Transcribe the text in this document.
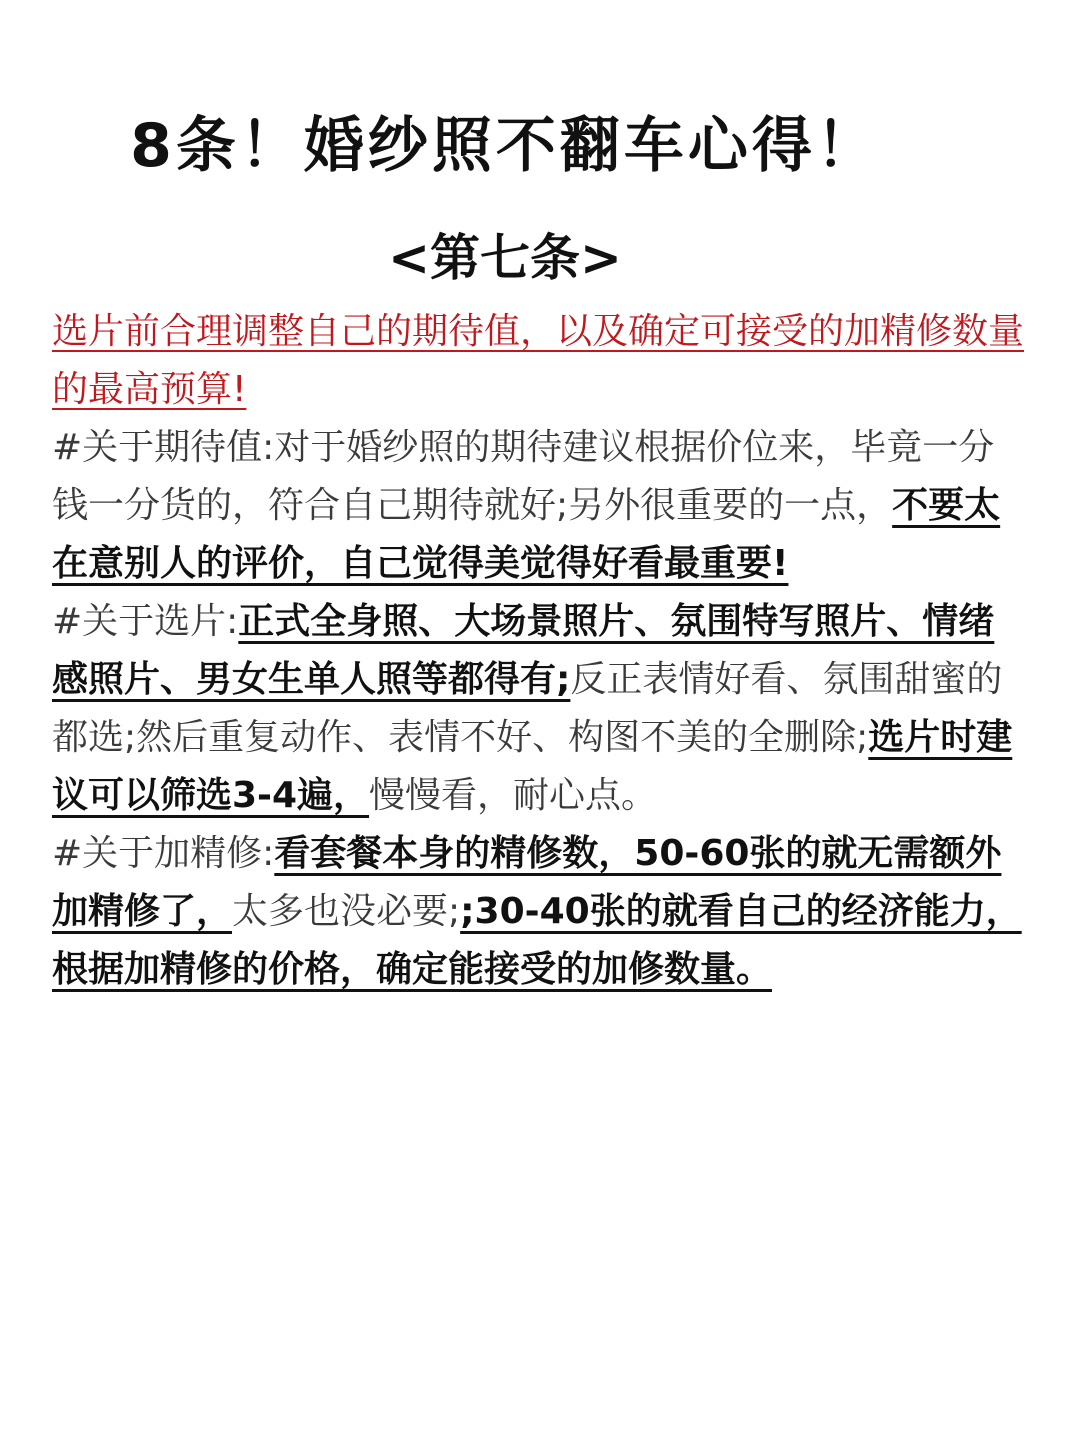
8条！婚纱照不翻车心得！
<第七条>

选片前合理调整自己的期待值，以及确定可接受的加精修数量的最高预算!

#关于期待值:对于婚纱照的期待建议根据价位来，毕竟一分钱一分货的，符合自己期待就好;另外很重要的一点，不要太在意别人的评价，自己觉得美觉得好看最重要!

#关于选片:正式全身照、大场景照片、氛围特写照片、情绪感照片、男女生单人照等都得有;反正表情好看、氛围甜蜜的都选;然后重复动作、表情不好、构图不美的全删除;选片时建议可以筛选3-4遍，慢慢看，耐心点。

#关于加精修:看套餐本身的精修数，50-60张的就无需额外加精修了，太多也没必要;;30-40张的就看自己的经济能力，根据加精修的价格，确定能接受的加修数量。
